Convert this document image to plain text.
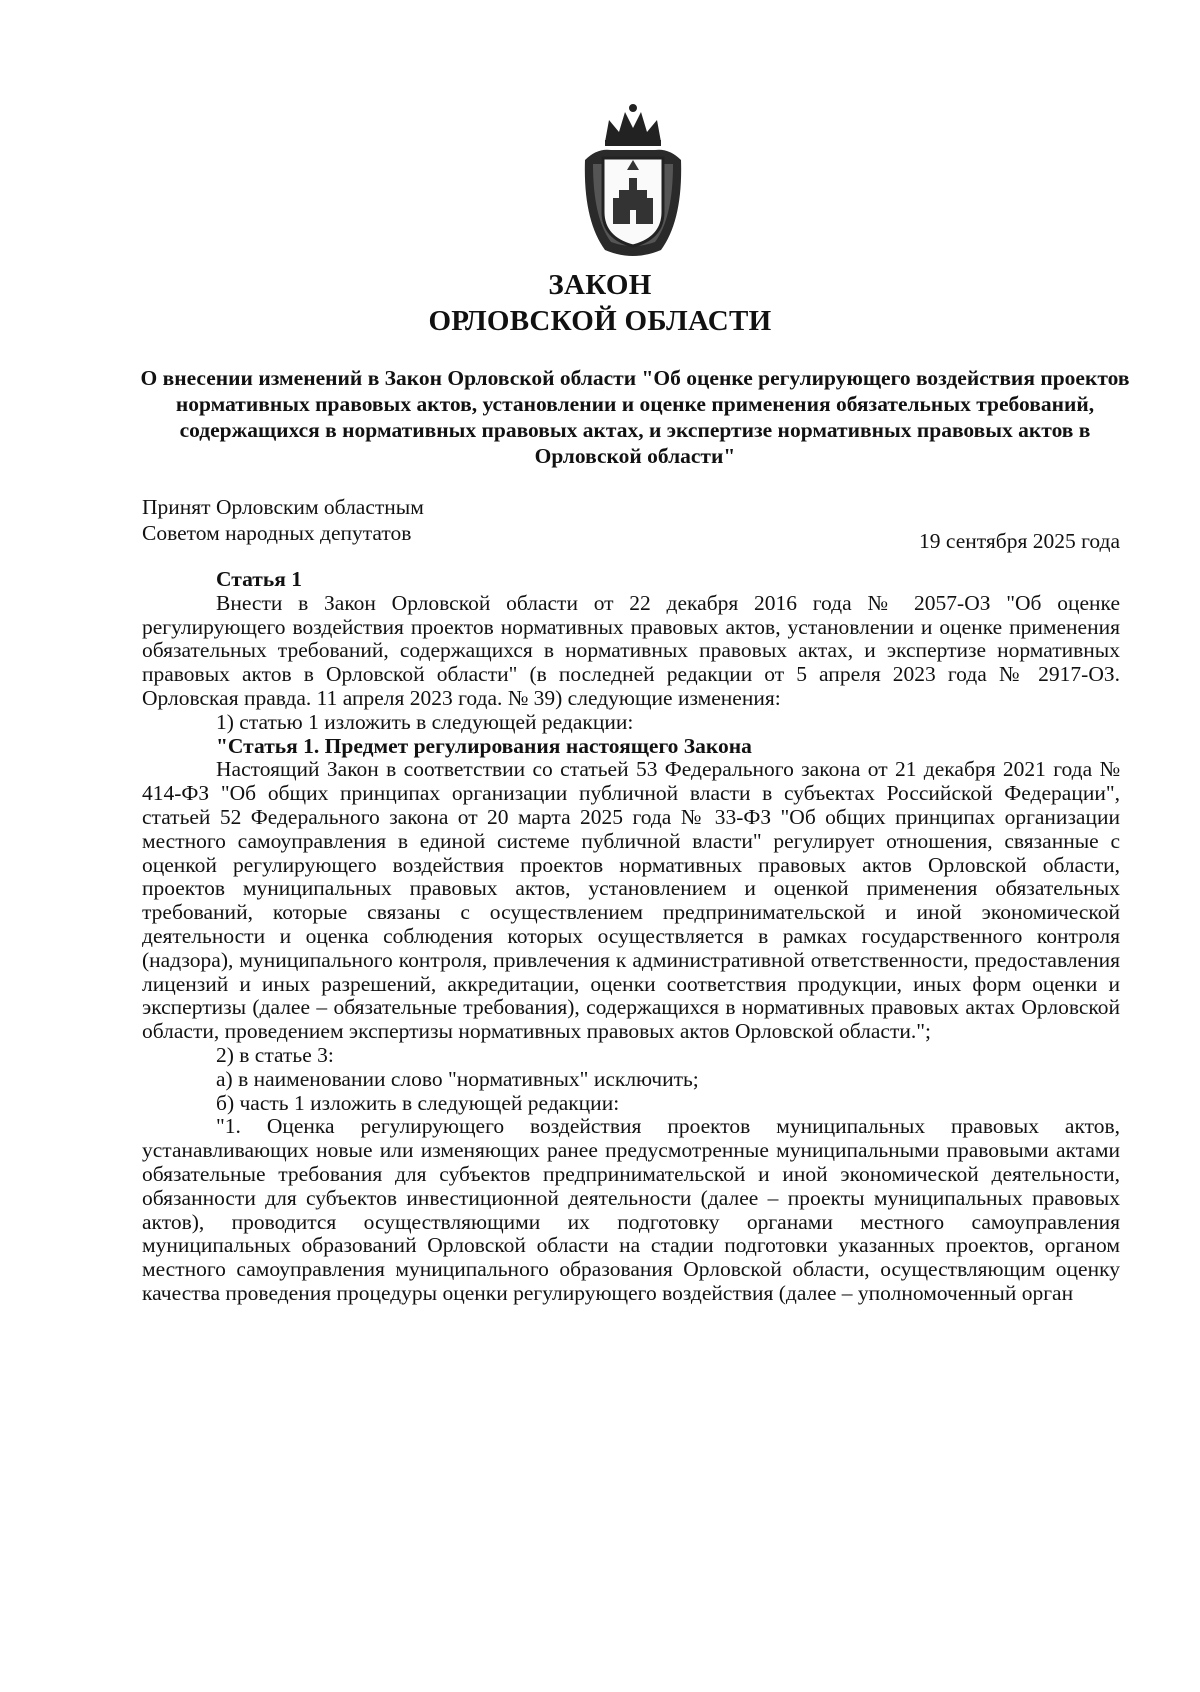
ЗАКОН
ОРЛОВСКОЙ ОБЛАСТИ
О внесении изменений в Закон Орловской области "Об оценке регулирующего воздействия проектов нормативных правовых актов, установлении и оценке применения обязательных требований, содержащихся в нормативных правовых актах, и экспертизе нормативных правовых актов в Орловской области"
Принят Орловским областным
Советом народных депутатов	19 сентября 2025 года

Статья 1

Внести в Закон Орловской области от 22 декабря 2016 года № 2057-ОЗ "Об оценке регулирующего воздействия проектов нормативных правовых актов, установлении и оценке применения обязательных требований, содержащихся в нормативных правовых актах, и экспертизе нормативных правовых актов в Орловской области" (в последней редакции от 5 апреля 2023 года № 2917-ОЗ. Орловская правда. 11 апреля 2023 года. № 39) следующие изменения:

1) статью 1 изложить в следующей редакции:

"Статья 1. Предмет регулирования настоящего Закона

Настоящий Закон в соответствии со статьей 53 Федерального закона от 21 декабря 2021 года № 414-ФЗ "Об общих принципах организации публичной власти в субъектах Российской Федерации", статьей 52 Федерального закона от 20 марта 2025 года № 33-ФЗ "Об общих принципах организации местного самоуправления в единой системе публичной власти" регулирует отношения, связанные с оценкой регулирующего воздействия проектов нормативных правовых актов Орловской области, проектов муниципальных правовых актов, установлением и оценкой применения обязательных требований, которые связаны с осуществлением предпринимательской и иной экономической деятельности и оценка соблюдения которых осуществляется в рамках государственного контроля (надзора), муниципального контроля, привлечения к административной ответственности, предоставления лицензий и иных разрешений, аккредитации, оценки соответствия продукции, иных форм оценки и экспертизы (далее – обязательные требования), содержащихся в нормативных правовых актах Орловской области, проведением экспертизы нормативных правовых актов Орловской области.";

2) в статье 3:

а) в наименовании слово "нормативных" исключить;

б) часть 1 изложить в следующей редакции:

"1. Оценка регулирующего воздействия проектов муниципальных правовых актов, устанавливающих новые или изменяющих ранее предусмотренные муниципальными правовыми актами обязательные требования для субъектов предпринимательской и иной экономической деятельности, обязанности для субъектов инвестиционной деятельности (далее – проекты муниципальных правовых актов), проводится осуществляющими их подготовку органами местного самоуправления муниципальных образований Орловской области на стадии подготовки указанных проектов, органом местного самоуправления муниципального образования Орловской области, осуществляющим оценку качества проведения процедуры оценки регулирующего воздействия (далее – уполномоченный орган
